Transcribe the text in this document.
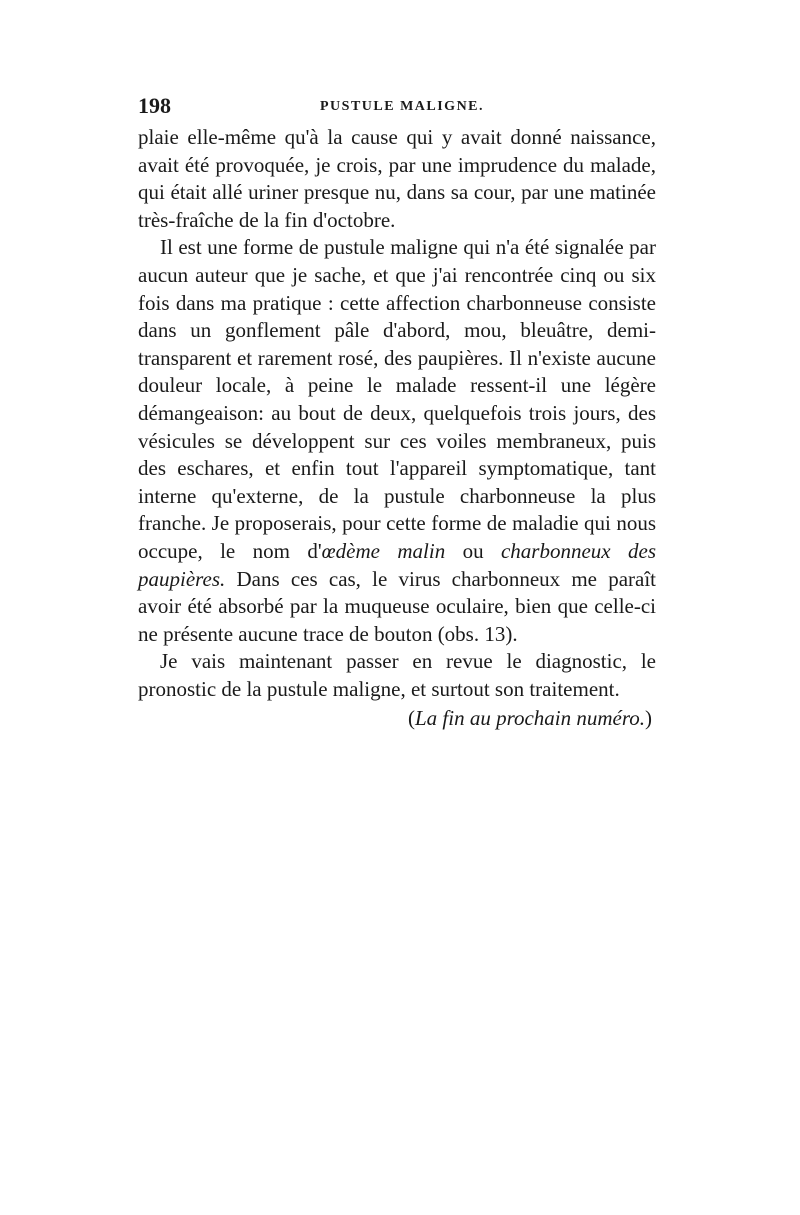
198	PUSTULE MALIGNE.

plaie elle-même qu'à la cause qui y avait donné naissance, avait été provoquée, je crois, par une imprudence du malade, qui était allé uriner presque nu, dans sa cour, par une matinée très-fraîche de la fin d'octobre.

Il est une forme de pustule maligne qui n'a été signalée par aucun auteur que je sache, et que j'ai rencontrée cinq ou six fois dans ma pratique : cette affection charbonneuse consiste dans un gonflement pâle d'abord, mou, bleuâtre, demi-transparent et rarement rosé, des paupières. Il n'existe aucune douleur locale, à peine le malade ressent-il une légère démangeaison: au bout de deux, quelquefois trois jours, des vésicules se développent sur ces voiles membraneux, puis des eschares, et enfin tout l'appareil symptomatique, tant interne qu'externe, de la pustule charbonneuse la plus franche. Je proposerais, pour cette forme de maladie qui nous occupe, le nom d'œdème malin ou charbonneux des paupières. Dans ces cas, le virus charbonneux me paraît avoir été absorbé par la muqueuse oculaire, bien que celle-ci ne présente aucune trace de bouton (obs. 13).

Je vais maintenant passer en revue le diagnostic, le pronostic de la pustule maligne, et surtout son traitement.

(La fin au prochain numéro.)
